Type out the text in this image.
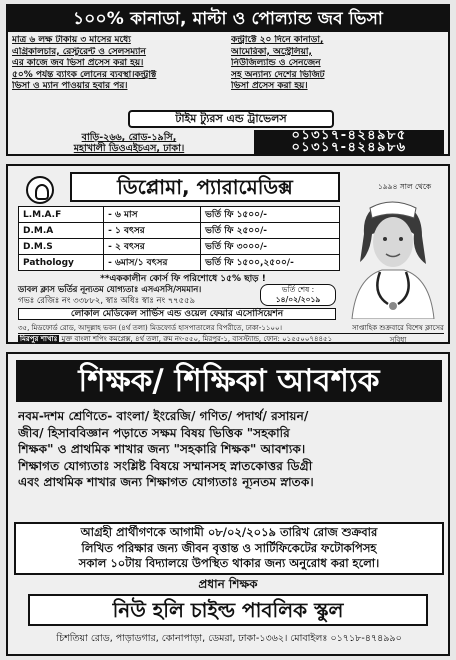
১০০% কানাডা, মাল্টা ও পোল্যান্ড জব ভিসা
মাত্র ৬ লক্ষ টাকায় ৩ মাসের মধ্যে
এগ্রিকালচার, রেস্টুরেন্ট ও সেলসম্যান
এর কাজে জব ভিসা প্রসেস করা হয়।
৫০% পর্যন্ত ব্যাংক লোনের ব্যবস্থা।কন্ট্রাক্ট
ভিসা ও ম্যান পাওয়ার হবার পর।
কন্ট্রাক্টে ২০ দিনে কানাডা,
আমেরিকা, অস্ট্রেলিয়া,
নিউজিল্যান্ড ও সেনজেন
সহ অন্যান্য দেশের ভিজিট
ভিসা প্রসেস করা হয়।
টাইম ট্যুরস এন্ড ট্রাভেলস
বাড়ি-২৬৬, রোড-১৯সি,
মহাখালী ডিওএইচএস, ঢাকা।
০১৩১৭-৪২৪৯৮৫
০১৩১৭-৪২৪৯৮৬
ডিপ্লোমা, প্যারামেডিক্স	১৯৯৪ সাল থেকে
L.M.A.F	- ৬ মাস	ভর্তি ফি ১৫০০/-
D.M.A	- ১ বৎসর	ভর্তি ফি ২৫০০/-
D.M.S	- ২ বৎসর	ভর্তি ফি ৩০০০/-
Pathology	- ৬মাস/১ বৎসর	ভর্তি ফি ১৫০০,২৫০০/-
**এককালীন কোর্স ফি পরিশোধে ১৫% ছাড় !
ডাবল ক্লাস ভর্তির নূন্যতম যোগ্যতাঃ এসএসসি/সমমান।
গভঃ রেজিঃ নং ৩৩৮৮২, স্বাঃ অধিঃ স্বাঃ নং ৭৭৫৫৯
ভর্তি শেষ :
১৪/০২/২০১৯
লোকাল মেডিকেল সার্ভিস এন্ড ওয়েল ফেয়ার এসোসিয়েশন
৩৫, মিডফোর্ড রোড, আদুল্লাহ ভবন (৪র্থ তলা) মিডফোর্ড হাসপাতালের বিপরীতে, ঢাকা-১১০০।	সাপ্তাহিক শুক্রবারে বিশেষ ক্লাসের সুবিধা
মিরপুর শাখাঃ মুক্ত বাংলা শপিং কমপ্লেক্স, ৪র্থ তলা, রুম নং-৫৫০, মিরপুর-১, বাসস্ট্যান্ড, ফোন: ০১৫৫০০৭৪৪৫১
শিক্ষক/ শিক্ষিকা আবশ্যক
নবম-দশম শ্রেণিতে- বাংলা/ ইংরেজি/ গণিত/ পদার্থ/ রসায়ন/
জীব/ হিসাববিজ্ঞান পড়াতে সক্ষম বিষয় ভিত্তিক "সহকারি
শিক্ষক" ও প্রাথমিক শাখার জন্য "সহকারি শিক্ষক" আবশ্যক।
শিক্ষাগত যোগ্যতাঃ সংশ্লিষ্ট বিষয়ে সম্মানসহ স্নাতকোত্তর ডিগ্রী
এবং প্রাথমিক শাখার জন্য শিক্ষাগত যোগ্যতাঃ ন্যূনতম স্নাতক।
আগ্রহী প্রার্থীগণকে আগামী ০৮/০২/২০১৯ তারিখ রোজ শুক্রবার
লিখিত পরিক্ষার জন্য জীবন বৃত্তান্ত ও সার্টিফিকেটের ফটোকপিসহ
সকাল ১০টায় বিদ্যালয়ে উপস্থিত থাকার জন্য অনুরোধ করা হলো।
প্রধান শিক্ষক
নিউ হলি চাইল্ড পাবলিক স্কুল
চিশতিয়া রোড, পাড়াডগার, কোনাপাড়া, ডেমরা, ঢাকা-১৩৬২। মোবাইলঃ ০১৭১৮-৪৭৪৯৯০
